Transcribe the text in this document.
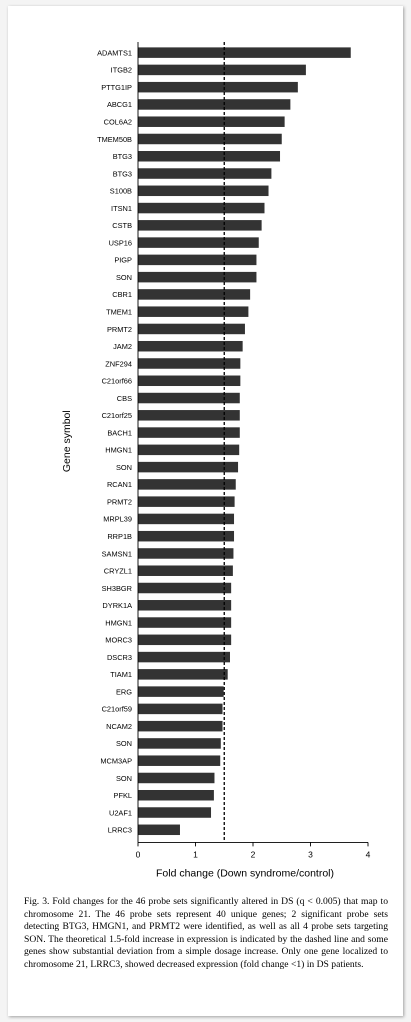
ADAMTS1
ITGB2
PTTG1IP
ABCG1
COL6A2
TMEM50B
BTG3
BTG3
S100B
ITSN1
CSTB
USP16
PIGP
SON
CBR1
TMEM1
PRMT2
JAM2
ZNF294
C21orf66
CBS
C21orf25
BACH1
HMGN1
SON
RCAN1
PRMT2
MRPL39
RRP1B
SAMSN1
CRYZL1
SH3BGR
DYRK1A
HMGN1
MORC3
DSCR3
TIAM1
ERG
C21orf59
NCAM2
SON
MCM3AP
SON
PFKL
U2AF1
LRRC3
0	1	2	3	4
Fold change (Down syndrome/control)
Gene symbol
Fig. 3. Fold changes for the 46 probe sets significantly altered in DS (q < 0.005) that map to chromosome 21. The 46 probe sets represent 40 unique genes; 2 significant probe sets detecting BTG3, HMGN1, and PRMT2 were identified, as well as all 4 probe sets targeting SON. The theoretical 1.5-fold increase in expression is indicated by the dashed line and some genes show substantial deviation from a simple dosage increase. Only one gene localized to chromosome 21, LRRC3, showed decreased expression (fold change <1) in DS patients.
